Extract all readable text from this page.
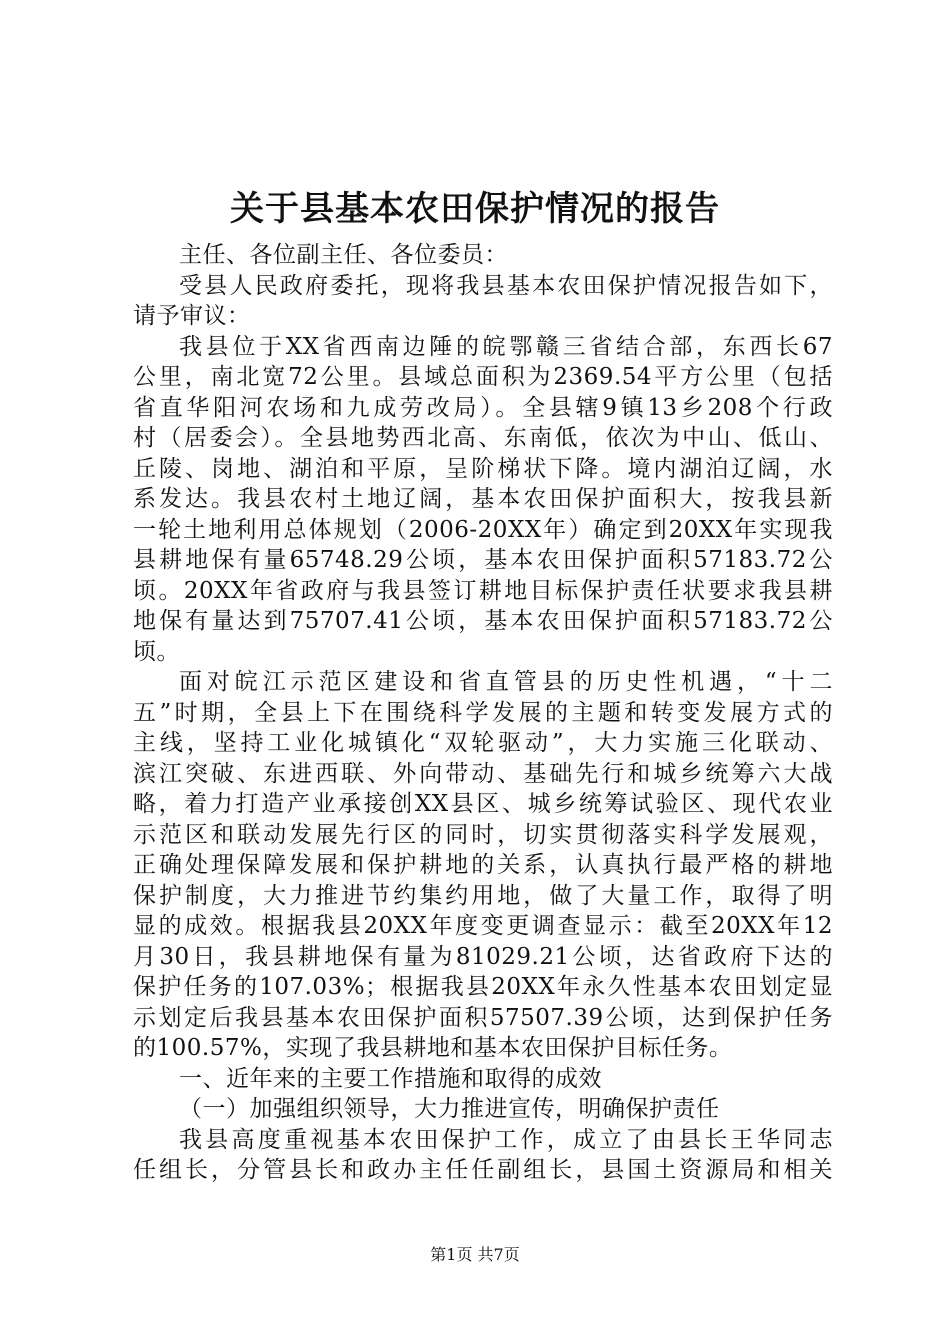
关于县基本农田保护情况的报告
主任、各位副主任、各位委员：
受县人民政府委托，现将我县基本农田保护情况报告如下，
请予审议：
我县位于XX省西南边陲的皖鄂赣三省结合部，东西长67
公里，南北宽72公里。县域总面积为2369.54平方公里（包括
省直华阳河农场和九成劳改局）。全县辖9镇13乡208个行政
村（居委会）。全县地势西北高、东南低，依次为中山、低山、
丘陵、岗地、湖泊和平原，呈阶梯状下降。境内湖泊辽阔，水
系发达。我县农村土地辽阔，基本农田保护面积大，按我县新
一轮土地利用总体规划（2006-20XX年）确定到20XX年实现我
县耕地保有量65748.29公顷，基本农田保护面积57183.72公
顷。20XX年省政府与我县签订耕地目标保护责任状要求我县耕
地保有量达到75707.41公顷，基本农田保护面积57183.72公
顷。
面对皖江示范区建设和省直管县的历史性机遇，“十二
五”时期，全县上下在围绕科学发展的主题和转变发展方式的
主线，坚持工业化城镇化“双轮驱动”，大力实施三化联动、
滨江突破、东进西联、外向带动、基础先行和城乡统筹六大战
略，着力打造产业承接创XX县区、城乡统筹试验区、现代农业
示范区和联动发展先行区的同时，切实贯彻落实科学发展观，
正确处理保障发展和保护耕地的关系，认真执行最严格的耕地
保护制度，大力推进节约集约用地，做了大量工作，取得了明
显的成效。根据我县20XX年度变更调查显示：截至20XX年12
月30日，我县耕地保有量为81029.21公顷，达省政府下达的
保护任务的107.03%；根据我县20XX年永久性基本农田划定显
示划定后我县基本农田保护面积57507.39公顷，达到保护任务
的100.57%，实现了我县耕地和基本农田保护目标任务。
一、近年来的主要工作措施和取得的成效
（一）加强组织领导，大力推进宣传，明确保护责任
我县高度重视基本农田保护工作，成立了由县长王华同志
任组长，分管县长和政办主任任副组长，县国土资源局和相关
第1页 共7页
